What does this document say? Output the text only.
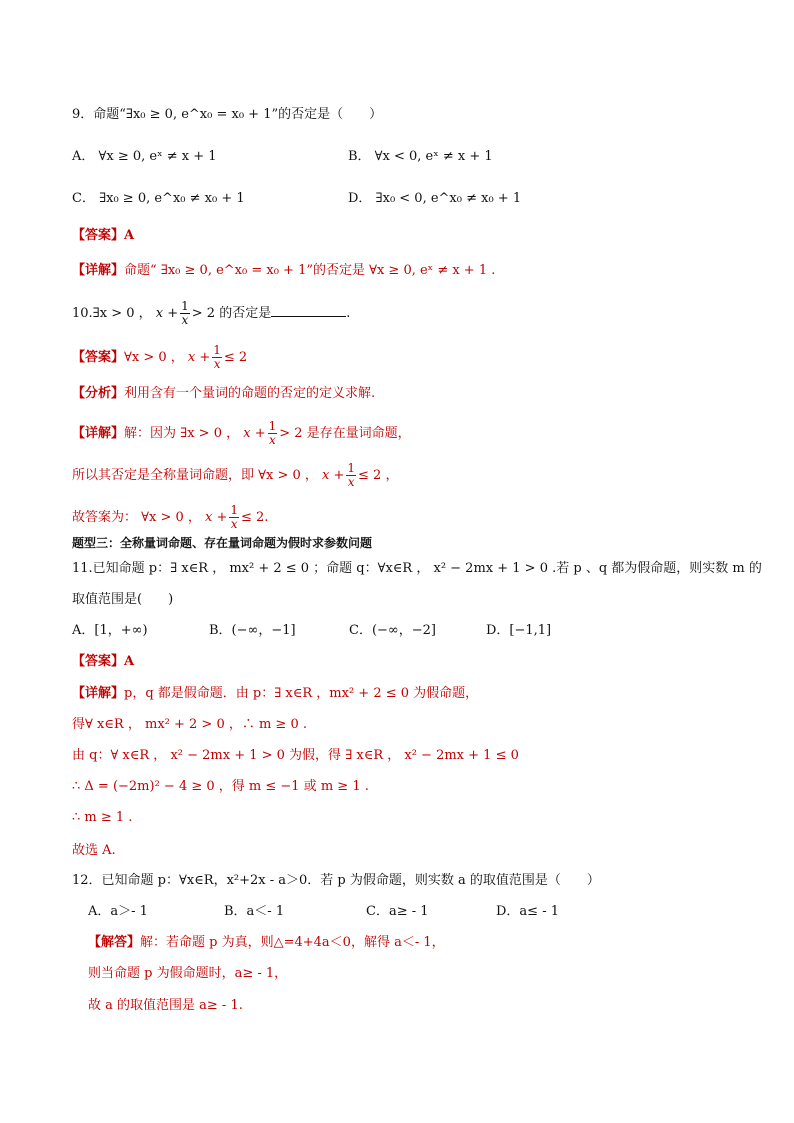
9．命题“∃x₀ ≥ 0, e^x₀ = x₀ + 1”的否定是（　　）
A． ∀x ≥ 0, eˣ ≠ x + 1	B． ∀x < 0, eˣ ≠ x + 1
C． ∃x₀ ≥ 0, e^x₀ ≠ x₀ + 1	D． ∃x₀ < 0, e^x₀ ≠ x₀ + 1
【答案】A
【详解】命题“ ∃x₀ ≥ 0, e^x₀ = x₀ + 1”的否定是 ∀x ≥ 0, eˣ ≠ x + 1 .
10.∃x > 0 ， $x + \frac{1}{x} > 2$ 的否定是	.
【答案】∀x > 0 ， $x + \frac{1}{x} \le 2$
【分析】利用含有一个量词的命题的否定的定义求解.
【详解】解：因为 ∃x > 0 ， $x + \frac{1}{x} > 2$ 是存在量词命题，
所以其否定是全称量词命题，即 ∀x > 0 ， $x + \frac{1}{x} \le 2$ ，
故答案为： ∀x > 0 ， $x + \frac{1}{x} \le 2$.
题型三：全称量词命题、存在量词命题为假时求参数问题
11.已知命题 p：∃ x∈R ， mx² + 2 ≤ 0 ；命题 q：∀x∈R ， x² − 2mx + 1 > 0 .若 p 、q 都为假命题，则实数 m 的
取值范围是(　　)
A．[1，+∞)	B．(−∞，−1]	C．(−∞，−2]	D．[−1,1]
【答案】A
【详解】p，q 都是假命题．由 p：∃ x∈R ，mx² + 2 ≤ 0 为假命题，
得∀ x∈R ， mx² + 2 > 0 ，∴ m ≥ 0 .
由 q：∀ x∈R ， x² − 2mx + 1 > 0 为假，得 ∃ x∈R ， x² − 2mx + 1 ≤ 0
∴ Δ = (−2m)² − 4 ≥ 0 ，得 m ≤ −1 或 m ≥ 1 .
∴ m ≥ 1 .
故选 A.
12．已知命题 p：∀x∈R，x²+2x - a＞0．若 p 为假命题，则实数 a 的取值范围是（　　）
A．a＞- 1	B．a＜- 1	C．a≥ - 1	D．a≤ - 1
【解答】解：若命题 p 为真，则△=4+4a＜0，解得 a＜- 1，
则当命题 p 为假命题时，a≥ - 1，
故 a 的取值范围是 a≥ - 1.
